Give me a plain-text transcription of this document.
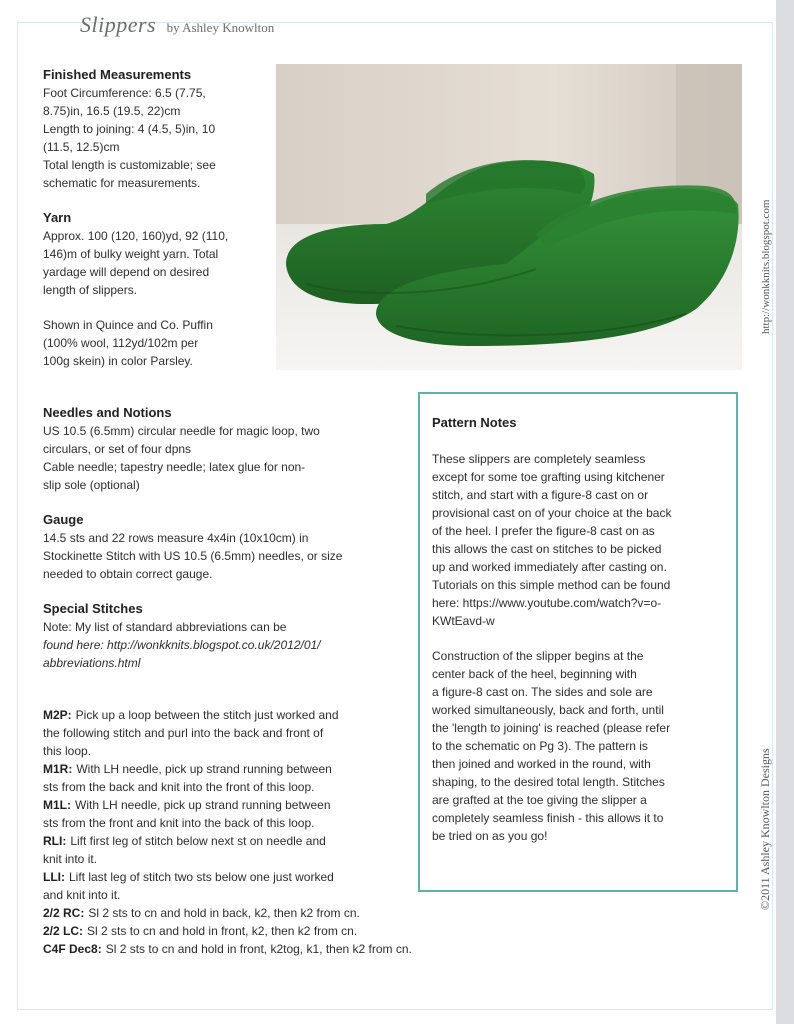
Slippers by Ashley Knowlton
Finished Measurements
Foot Circumference: 6.5 (7.75,
8.75)in, 16.5 (19.5, 22)cm
Length to joining: 4 (4.5, 5)in, 10
(11.5, 12.5)cm
Total length is customizable; see
schematic for measurements.
Yarn
Approx. 100 (120, 160)yd, 92 (110,
146)m of bulky weight yarn. Total
yardage will depend on desired
length of slippers.
Shown in Quince and Co. Puffin
(100% wool, 112yd/102m per
100g skein) in color Parsley.
Needles and Notions
US 10.5 (6.5mm) circular needle for magic loop, two
circulars, or set of four dpns
Cable needle; tapestry needle; latex glue for non-
slip sole (optional)
Gauge
14.5 sts and 22 rows measure 4x4in (10x10cm) in
Stockinette Stitch with US 10.5 (6.5mm) needles, or size
needed to obtain correct gauge.
Special Stitches
Note: My list of standard abbreviations can be
found here: http://wonkknits.blogspot.co.uk/2012/01/
abbreviations.html
M2P: Pick up a loop between the stitch just worked and
the following stitch and purl into the back and front of
this loop.
M1R: With LH needle, pick up strand running between
sts from the back and knit into the front of this loop.
M1L: With LH needle, pick up strand running between
sts from the front and knit into the back of this loop.
RLI: Lift first leg of stitch below next st on needle and
knit into it.
LLI: Lift last leg of stitch two sts below one just worked
and knit into it.
2/2 RC: Sl 2 sts to cn and hold in back, k2, then k2 from cn.
2/2 LC: Sl 2 sts to cn and hold in front, k2, then k2 from cn.
C4F Dec8: Sl 2 sts to cn and hold in front, k2tog, k1, then k2 from cn.
Pattern Notes
These slippers are completely seamless
except for some toe grafting using kitchener
stitch, and start with a figure-8 cast on or
provisional cast on of your choice at the back
of the heel. I prefer the figure-8 cast on as
this allows the cast on stitches to be picked
up and worked immediately after casting on.
Tutorials on this simple method can be found
here: https://www.youtube.com/watch?v=o-
KWtEavd-w
Construction of the slipper begins at the
center back of the heel, beginning with
a figure-8 cast on. The sides and sole are
worked simultaneously, back and forth, until
the 'length to joining' is reached (please refer
to the schematic on Pg 3). The pattern is
then joined and worked in the round, with
shaping, to the desired total length. Stitches
are grafted at the toe giving the slipper a
completely seamless finish - this allows it to
be tried on as you go!
http://wonkknits.blogspot.com
©2011 Ashley Knowlton Designs
